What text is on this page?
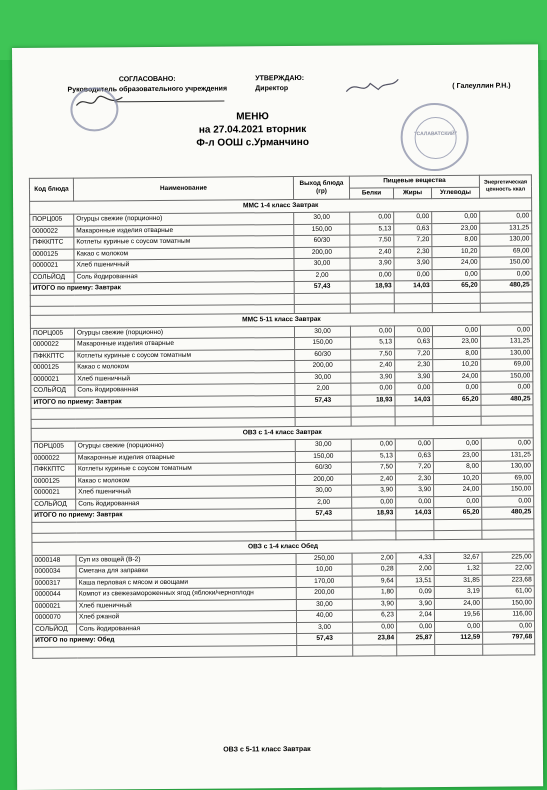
СОГЛАСОВАНО:
Руководитель образовательного учреждения
УТВЕРЖДАЮ:
Директор	( Галеуллин Р.Н.)
"САЛАВАТСКИЙ"
МЕНЮ
на 27.04.2021 вторник
Ф-л ООШ с.Урманчино
Код блюда	Наименование	Выход блюда (гр)	Пищевые вещества			Энергетическая ценность ккал
			Белки	Жиры	Углеводы	
ММС 1-4 класс Завтрак						
ПОРЦ005	Огурцы свежие (порционно)	30,00	0,00	0,00	0,00	0,00
0000022	Макаронные изделия отварные	150,00	5,13	0,63	23,00	131,25
ПФККПТС	Котлеты куриные с соусом томатным	60/30	7,50	7,20	8,00	130,00
0000125	Какао с молоком	200,00	2,40	2,30	10,20	69,00
0000021	Хлеб пшеничный	30,00	3,90	3,90	24,00	150,00
СОЛЬЙОД	Соль йодированная	2,00	0,00	0,00	0,00	0,00
ИТОГО по приему: Завтрак		57,43	18,93	14,03	65,20	480,25

ММС 5-11 класс Завтрак						
ПОРЦ005	Огурцы свежие (порционно)	30,00	0,00	0,00	0,00	0,00
0000022	Макаронные изделия отварные	150,00	5,13	0,63	23,00	131,25
ПФККПТС	Котлеты куриные с соусом томатным	60/30	7,50	7,20	8,00	130,00
0000125	Какао с молоком	200,00	2,40	2,30	10,20	69,00
0000021	Хлеб пшеничный	30,00	3,90	3,90	24,00	150,00
СОЛЬЙОД	Соль йодированная	2,00	0,00	0,00	0,00	0,00
ИТОГО по приему: Завтрак		57,43	18,93	14,03	65,20	480,25

ОВЗ с 1-4 класс Завтрак						
ПОРЦ005	Огурцы свежие (порционно)	30,00	0,00	0,00	0,00	0,00
0000022	Макаронные изделия отварные	150,00	5,13	0,63	23,00	131,25
ПФККПТС	Котлеты куриные с соусом томатным	60/30	7,50	7,20	8,00	130,00
0000125	Какао с молоком	200,00	2,40	2,30	10,20	69,00
0000021	Хлеб пшеничный	30,00	3,90	3,90	24,00	150,00
СОЛЬЙОД	Соль йодированная	2,00	0,00	0,00	0,00	0,00
ИТОГО по приему: Завтрак		57,43	18,93	14,03	65,20	480,25

ОВЗ с 1-4 класс Обед						
0000148	Суп из овощей (В-2)	250,00	2,00	4,33	32,67	225,00
0000034	Сметана для заправки	10,00	0,28	2,00	1,32	22,00
0000317	Каша перловая с мясом и овощами	170,00	9,64	13,51	31,85	223,68
0000044	Компот из свежезамороженных ягод (яблоки/черноплодн	200,00	1,80	0,09	3,19	61,00
0000021	Хлеб пшеничный	30,00	3,90	3,90	24,00	150,00
0000070	Хлеб ржаной	40,00	6,23	2,04	19,56	116,00
СОЛЬЙОД	Соль йодированная	3,00	0,00	0,00	0,00	0,00
ИТОГО по приему: Обед		57,43	23,84	25,87	112,59	797,68

ОВЗ с 5-11 класс Завтрак
